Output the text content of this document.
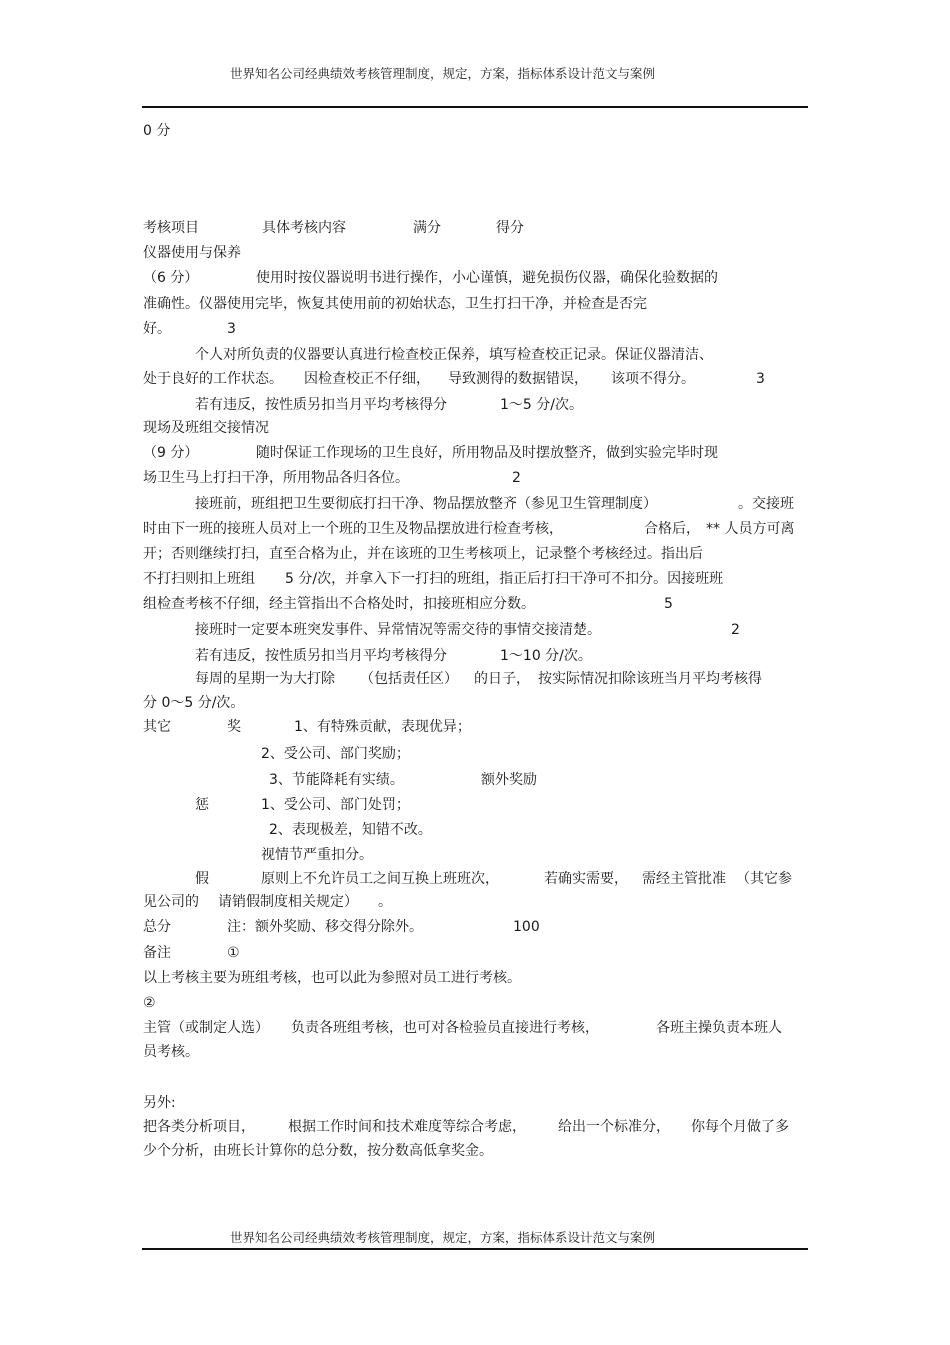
世界知名公司经典绩效考核管理制度，规定，方案，指标体系设计范文与案例
0 分
考核项目	具体考核内容	满分	得分
仪器使用与保养
（6 分）	使用时按仪器说明书进行操作，小心谨慎，避免损伤仪器，确保化验数据的
准确性。仪器使用完毕，恢复其使用前的初始状态，卫生打扫干净，并检查是否完
好。	3
个人对所负责的仪器要认真进行检查校正保养，填写检查校正记录。保证仪器清洁、
处于良好的工作状态。 因检查校正不仔细， 导致测得的数据错误， 该项不得分。	3
若有违反，按性质另扣当月平均考核得分	1～5 分/次。
现场及班组交接情况
（9 分）	随时保证工作现场的卫生良好，所用物品及时摆放整齐，做到实验完毕时现
场卫生马上打扫干净，所用物品各归各位。	2
接班前，班组把卫生要彻底打扫干净、物品摆放整齐（参见卫生管理制度）	。交接班
时由下一班的接班人员对上一个班的卫生及物品摆放进行检查考核，	合格后， ** 人员方可离
开；否则继续打扫，直至合格为止，并在该班的卫生考核项上，记录整个考核经过。指出后
不打扫则扣上班组 5 分/次，并拿入下一打扫的班组，指正后打扫干净可不扣分。因接班班
组检查考核不仔细，经主管指出不合格处时，扣接班相应分数。	5
接班时一定要本班突发事件、异常情况等需交待的事情交接清楚。	2
若有违反，按性质另扣当月平均考核得分	1～10 分/次。
每周的星期一为大打除 （包括责任区） 的日子， 按实际情况扣除该班当月平均考核得
分 0～5 分/次。
其它	奖	1、有特殊贡献，表现优异；
2、受公司、部门奖励；
3、节能降耗有实绩。	额外奖励
惩	1、受公司、部门处罚；
2、表现极差，知错不改。
视情节严重扣分。
假	原则上不允许员工之间互换上班班次，	若确实需要， 需经主管批准 （其它参
见公司的 请销假制度相关规定） 。
总分	注：额外奖励、移交得分除外。	100
备注	①
以上考核主要为班组考核，也可以此为参照对员工进行考核。
②
主管（或制定人选） 负责各班组考核，也可对各检验员直接进行考核，	各班主操负责本班人
员考核。
另外:
把各类分析项目， 根据工作时间和技术难度等综合考虑， 给出一个标准分， 你每个月做了多
少个分析，由班长计算你的总分数，按分数高低拿奖金。
世界知名公司经典绩效考核管理制度，规定，方案，指标体系设计范文与案例
